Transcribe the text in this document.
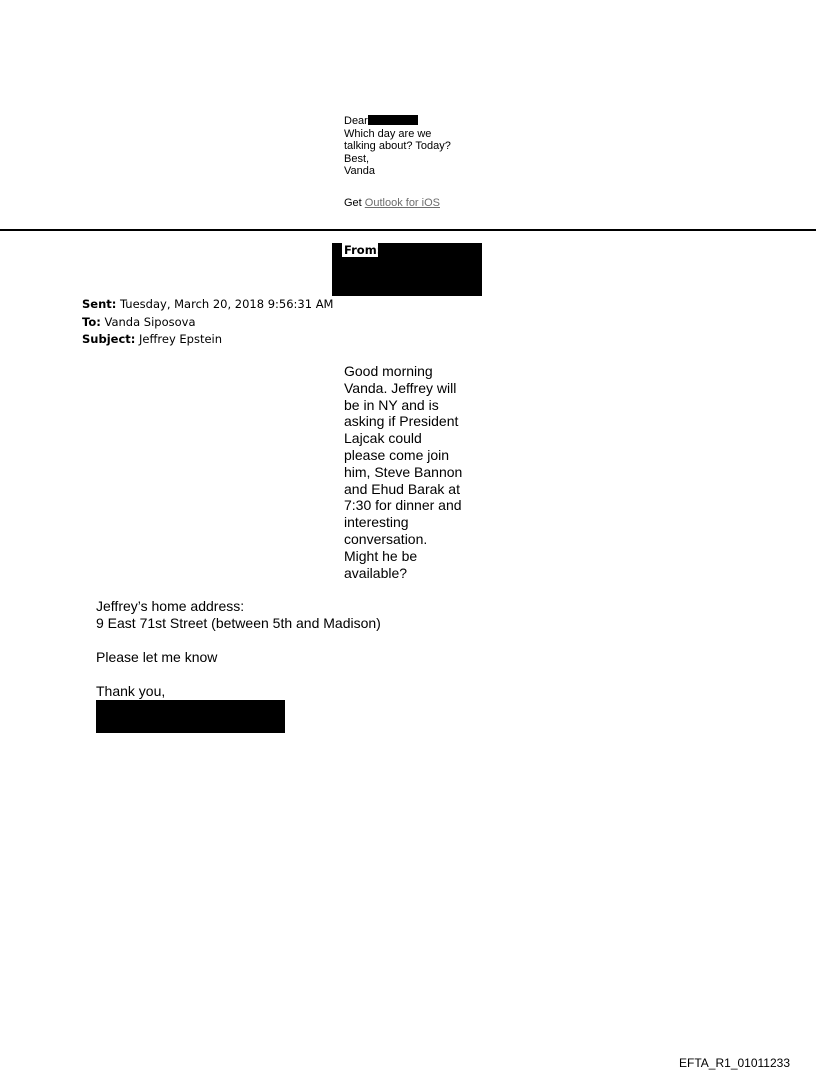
Dear
Which day are we
talking about? Today?
Best,
Vanda
Get Outlook for iOS
From:
Sent: Tuesday, March 20, 2018 9:56:31 AM
To: Vanda Siposova
Subject: Jeffrey Epstein
Good morning
Vanda. Jeffrey will
be in NY and is
asking if President
Lajcak could
please come join
him, Steve Bannon
and Ehud Barak at
7:30 for dinner and
interesting
conversation.
Might he be
available?
Jeffrey’s home address:
9 East 71st Street (between 5th and Madison)
Please let me know
Thank you,
EFTA_R1_01011233
